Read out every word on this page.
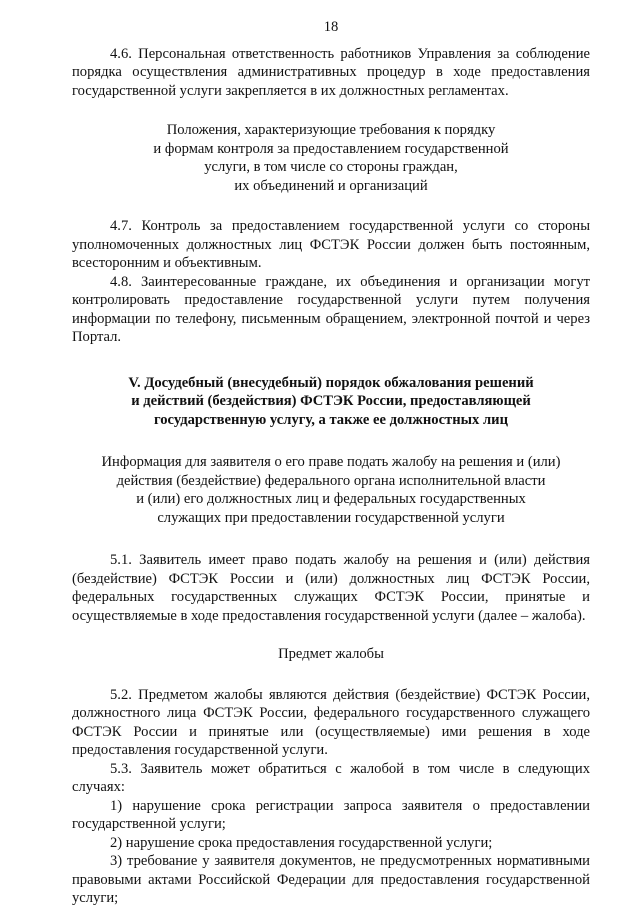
18

4.6. Персональная ответственность работников Управления за соблюдение порядка осуществления административных процедур в ходе предоставления государственной услуги закрепляется в их должностных регламентах.

Положения, характеризующие требования к порядку
и формам контроля за предоставлением государственной
услуги, в том числе со стороны граждан,
их объединений и организаций

4.7. Контроль за предоставлением государственной услуги со стороны уполномоченных должностных лиц ФСТЭК России должен быть постоянным, всесторонним и объективным.

4.8. Заинтересованные граждане, их объединения и организации могут контролировать предоставление государственной услуги путем получения информации по телефону, письменным обращением, электронной почтой и через Портал.

V. Досудебный (внесудебный) порядок обжалования решений
и действий (бездействия) ФСТЭК России, предоставляющей
государственную услугу, а также ее должностных лиц
Информация для заявителя о его праве подать жалобу на решения и (или)
действия (бездействие) федерального органа исполнительной власти
и (или) его должностных лиц и федеральных государственных
служащих при предоставлении государственной услуги

5.1. Заявитель имеет право подать жалобу на решения и (или) действия (бездействие) ФСТЭК России и (или) должностных лиц ФСТЭК России, федеральных государственных служащих ФСТЭК России, принятые и осуществляемые в ходе предоставления государственной услуги (далее – жалоба).

Предмет жалобы

5.2. Предметом жалобы являются действия (бездействие) ФСТЭК России, должностного лица ФСТЭК России, федерального государственного служащего ФСТЭК России и принятые или (осуществляемые) ими решения в ходе предоставления государственной услуги.

5.3. Заявитель может обратиться с жалобой в том числе в следующих случаях:

1) нарушение срока регистрации запроса заявителя о предоставлении государственной услуги;

2) нарушение срока предоставления государственной услуги;

3) требование у заявителя документов, не предусмотренных нормативными правовыми актами Российской Федерации для предоставления государственной услуги;
